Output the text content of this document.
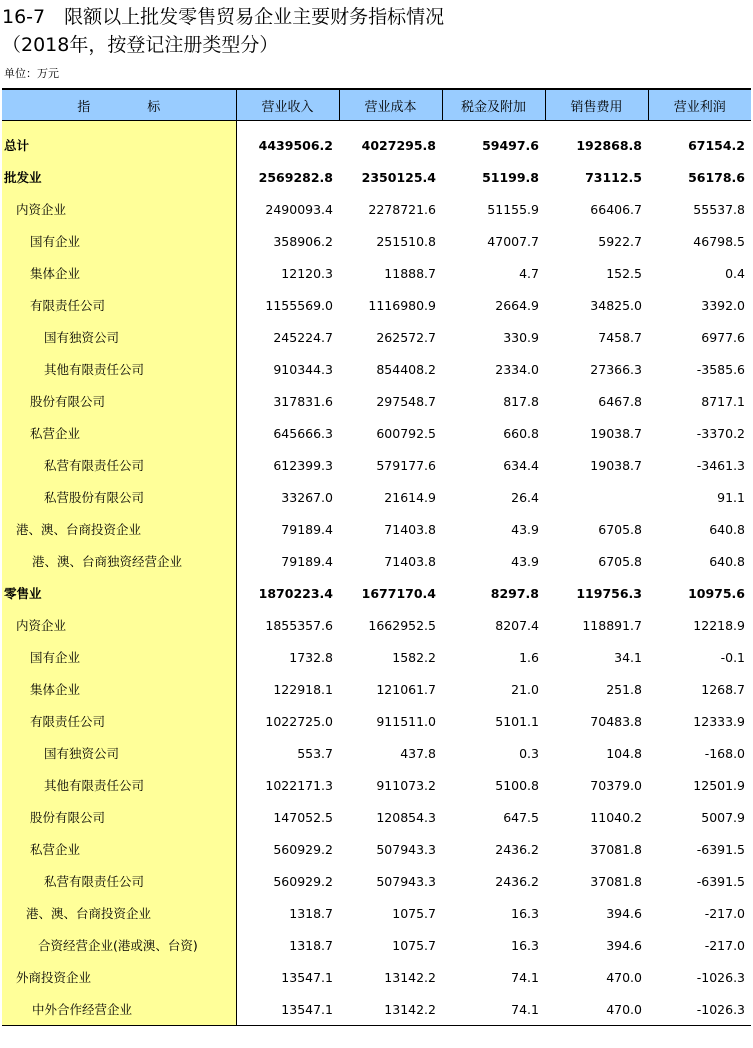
16-7　限额以上批发零售贸易企业主要财务指标情况
（2018年，按登记注册类型分）
单位：万元
指　标	营业收入	营业成本	税金及附加	销售费用	营业利润

总计	4439506.2	4027295.8	59497.6	192868.8	67154.2
批发业	2569282.8	2350125.4	51199.8	73112.5	56178.6
内资企业	2490093.4	2278721.6	51155.9	66406.7	55537.8
国有企业	358906.2	251510.8	47007.7	5922.7	46798.5
集体企业	12120.3	11888.7	4.7	152.5	0.4
有限责任公司	1155569.0	1116980.9	2664.9	34825.0	3392.0
国有独资公司	245224.7	262572.7	330.9	7458.7	6977.6
其他有限责任公司	910344.3	854408.2	2334.0	27366.3	-3585.6
股份有限公司	317831.6	297548.7	817.8	6467.8	8717.1
私营企业	645666.3	600792.5	660.8	19038.7	-3370.2
私营有限责任公司	612399.3	579177.6	634.4	19038.7	-3461.3
私营股份有限公司	33267.0	21614.9	26.4		91.1
港、澳、台商投资企业	79189.4	71403.8	43.9	6705.8	640.8
港、澳、台商独资经营企业	79189.4	71403.8	43.9	6705.8	640.8
零售业	1870223.4	1677170.4	8297.8	119756.3	10975.6
内资企业	1855357.6	1662952.5	8207.4	118891.7	12218.9
国有企业	1732.8	1582.2	1.6	34.1	-0.1
集体企业	122918.1	121061.7	21.0	251.8	1268.7
有限责任公司	1022725.0	911511.0	5101.1	70483.8	12333.9
国有独资公司	553.7	437.8	0.3	104.8	-168.0
其他有限责任公司	1022171.3	911073.2	5100.8	70379.0	12501.9
股份有限公司	147052.5	120854.3	647.5	11040.2	5007.9
私营企业	560929.2	507943.3	2436.2	37081.8	-6391.5
私营有限责任公司	560929.2	507943.3	2436.2	37081.8	-6391.5
港、澳、台商投资企业	1318.7	1075.7	16.3	394.6	-217.0
合资经营企业(港或澳、台资)	1318.7	1075.7	16.3	394.6	-217.0
外商投资企业	13547.1	13142.2	74.1	470.0	-1026.3
中外合作经营企业	13547.1	13142.2	74.1	470.0	-1026.3
